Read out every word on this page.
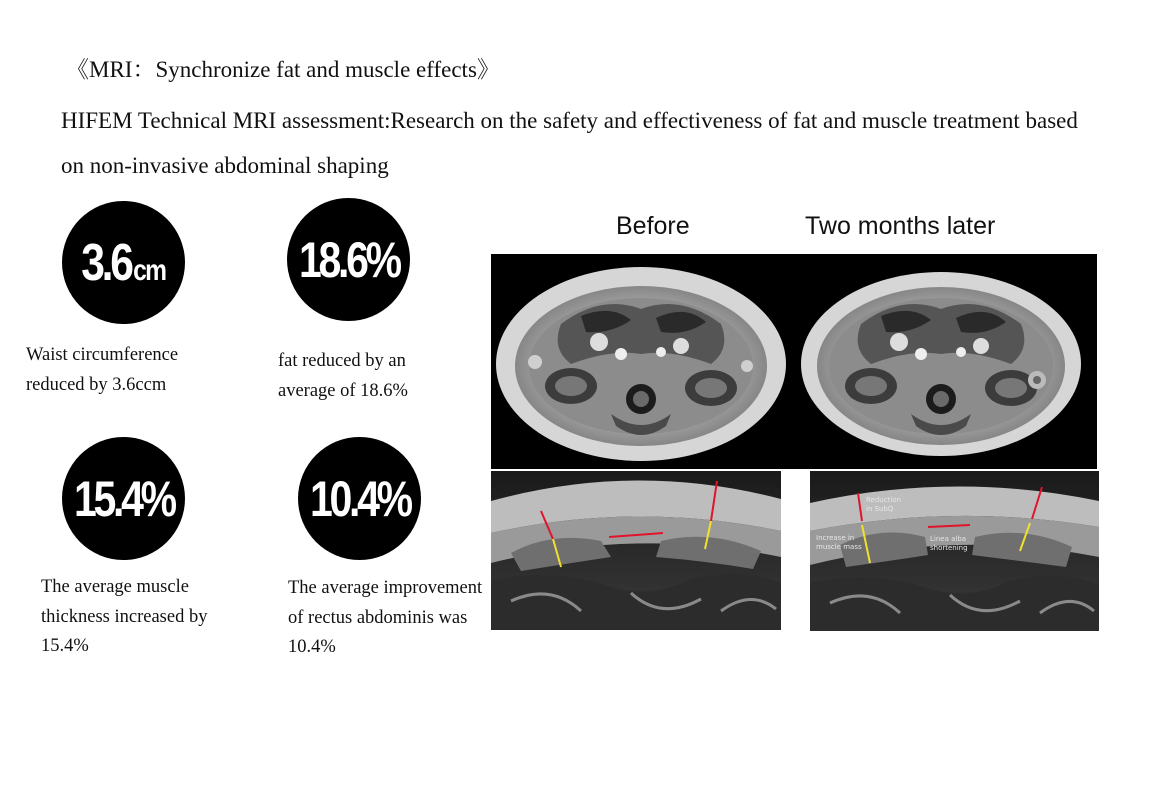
《MRI：Synchronize fat and muscle effects》
HIFEM Technical MRI assessment:Research on the safety and effectiveness of fat and muscle treatment based on non-invasive abdominal shaping
3.6cm
Waist circumference reduced by 3.6ccm
18.6%
fat reduced by an average of 18.6%
15.4%
The average muscle thickness increased by 15.4%
10.4%
The average improvement of rectus abdominis was 10.4%
Before	Two months later
Reduction
in SubQ
Increase in
muscle mass
Linea alba
shortening
